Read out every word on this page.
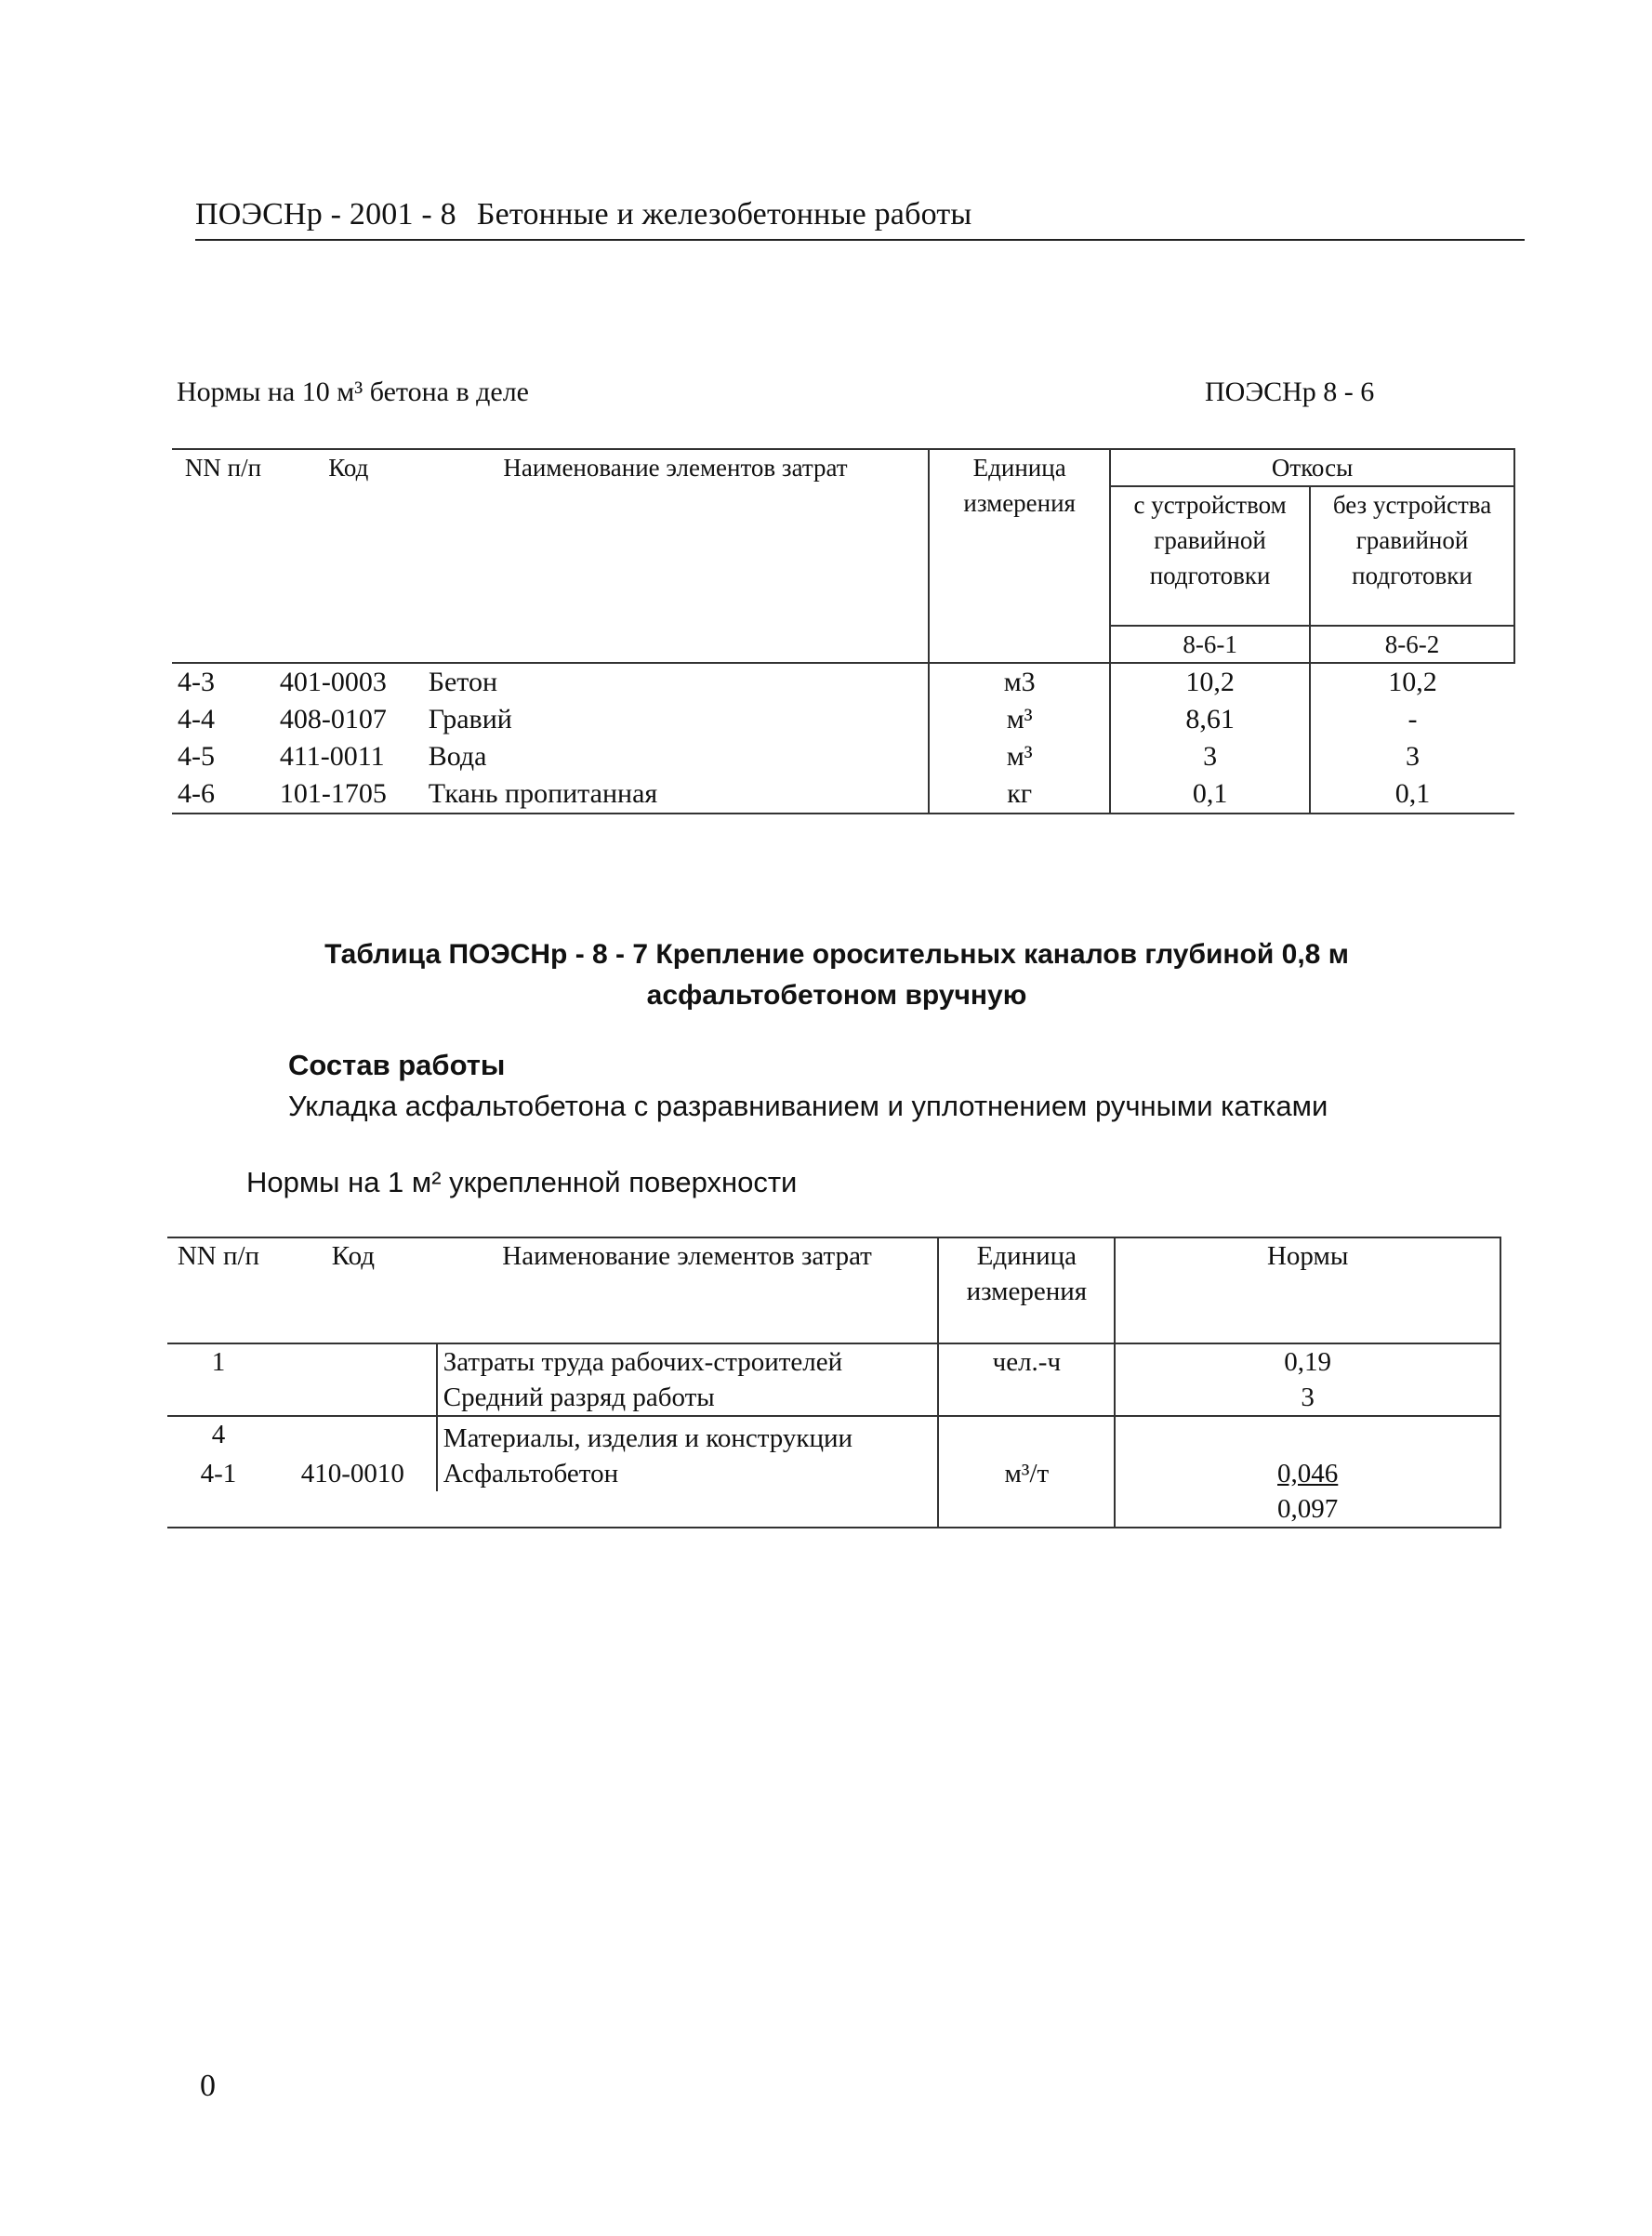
ПОЭСНр - 2001 - 8 Бетонные и железобетонные работы
Нормы на 10 м³ бетона в деле	ПОЭСНр 8 - 6
NN п/п	Код	Наименование элементов затрат	Единица измерения	Откосы	
				с устройством гравийной подготовки	без устройства гравийной подготовки
				8-6-1	8-6-2
4-3	401-0003	Бетон	м3	10,2	10,2
4-4	408-0107	Гравий	м³	8,61	-
4-5	411-0011	Вода	м³	3	3
4-6	101-1705	Ткань пропитанная	кг	0,1	0,1
Таблица ПОЭСНр - 8 - 7 Крепление оросительных каналов глубиной 0,8 м
асфальтобетоном вручную
Состав работы
Укладка асфальтобетона с разравниванием и уплотнением ручными катками
Нормы на 1 м² укрепленной поверхности
NN п/п	Код	Наименование элементов затрат	Единица измерения	Нормы
1		Затраты труда рабочих-строителей	чел.-ч	0,19
		Средний разряд работы		3
4		Материалы, изделия и конструкции		
4-1	410-0010	Асфальтобетон	м³/т	0,046
				0,097
0
